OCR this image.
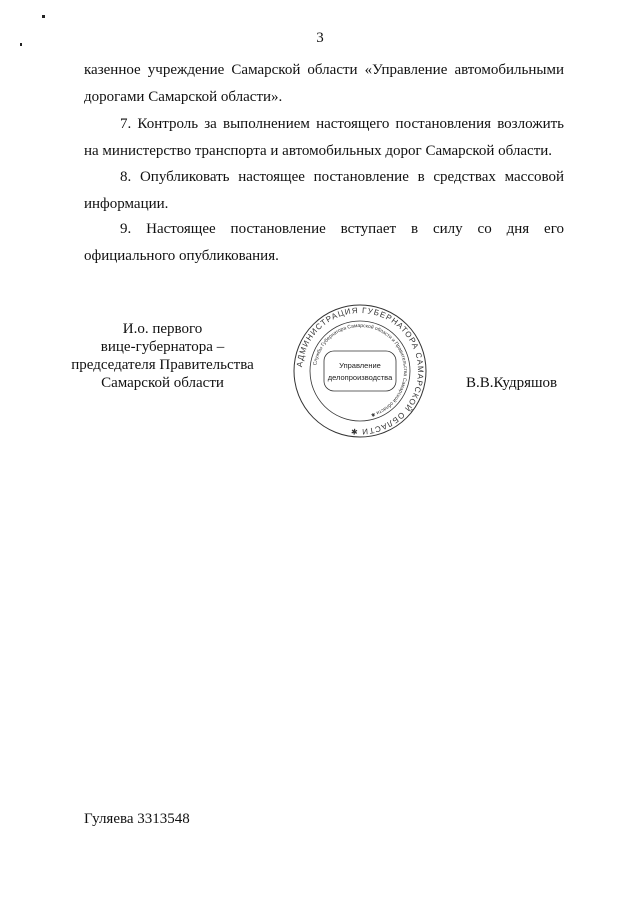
3
казенное учреждение Самарской области «Управление автомобильными дорогами Самарской области».
7. Контроль за выполнением настоящего постановления возложить на министерство транспорта и автомобильных дорог Самарской области.
8. Опубликовать настоящее постановление в средствах массовой информации.
9. Настоящее постановление вступает в силу со дня его официального опубликования.
И.о. первого
вице-губернатора –
председателя Правительства
Самарской области
АДМИНИСТРАЦИЯ ГУБЕРНАТОРА САМАРСКОЙ ОБЛАСТИ ✱
Службы Губернатора Самарской области и Правительства Самарской области ✱
Управление
делопроизводства	В.В.Кудряшов
Гуляева 3313548
